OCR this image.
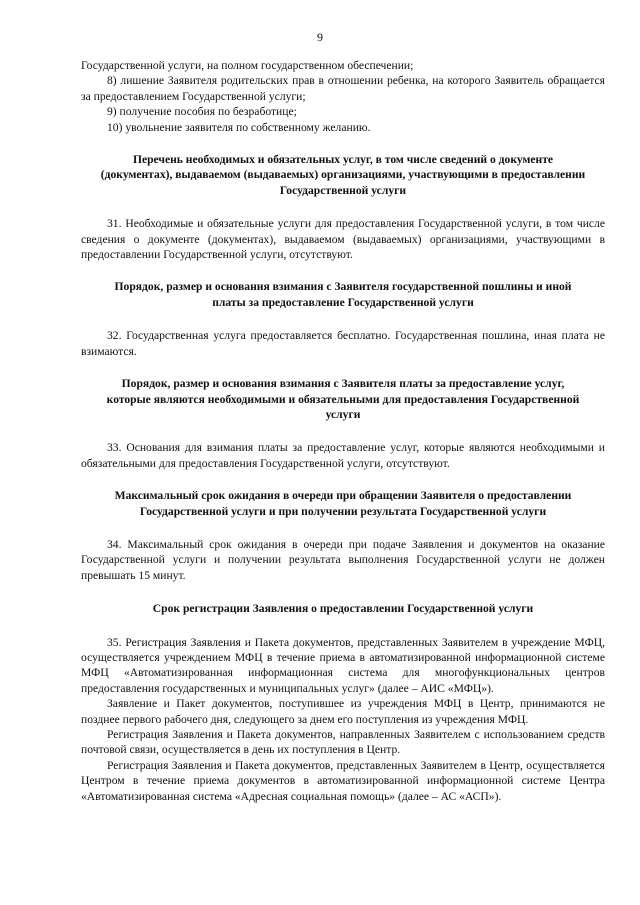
9

Государственной услуги, на полном государственном обеспечении;

8) лишение Заявителя родительских прав в отношении ребенка, на которого Заявитель обращается за предоставлением Государственной услуги;

9) получение пособия по безработице;

10) увольнение заявителя по собственному желанию.

Перечень необходимых и обязательных услуг, в том числе сведений о документе (документах), выдаваемом (выдаваемых) организациями, участвующими в предоставлении Государственной услуги

31. Необходимые и обязательные услуги для предоставления Государственной услуги, в том числе сведения о документе (документах), выдаваемом (выдаваемых) организациями, участвующими в предоставлении Государственной услуги, отсутствуют.

Порядок, размер и основания взимания с Заявителя государственной пошлины и иной платы за предоставление Государственной услуги

32. Государственная услуга предоставляется бесплатно. Государственная пошлина, иная плата не взимаются.

Порядок, размер и основания взимания с Заявителя платы за предоставление услуг, которые являются необходимыми и обязательными для предоставления Государственной услуги

33. Основания для взимания платы за предоставление услуг, которые являются необходимыми и обязательными для предоставления Государственной услуги, отсутствуют.

Максимальный срок ожидания в очереди при обращении Заявителя о предоставлении Государственной услуги и при получении результата Государственной услуги

34. Максимальный срок ожидания в очереди при подаче Заявления и документов на оказание Государственной услуги и получении результата выполнения Государственной услуги не должен превышать 15 минут.

Срок регистрации Заявления о предоставлении Государственной услуги

35. Регистрация Заявления и Пакета документов, представленных Заявителем в учреждение МФЦ, осуществляется учреждением МФЦ в течение приема в автоматизированной информационной системе МФЦ «Автоматизированная информационная система для многофункциональных центров предоставления государственных и муниципальных услуг» (далее – АИС «МФЦ»).

Заявление и Пакет документов, поступившее из учреждения МФЦ в Центр, принимаются не позднее первого рабочего дня, следующего за днем его поступления из учреждения МФЦ.

Регистрация Заявления и Пакета документов, направленных Заявителем с использованием средств почтовой связи, осуществляется в день их поступления в Центр.

Регистрация Заявления и Пакета документов, представленных Заявителем в Центр, осуществляется Центром в течение приема документов в автоматизированной информационной системе Центра «Автоматизированная система «Адресная социальная помощь» (далее – АС «АСП»).
